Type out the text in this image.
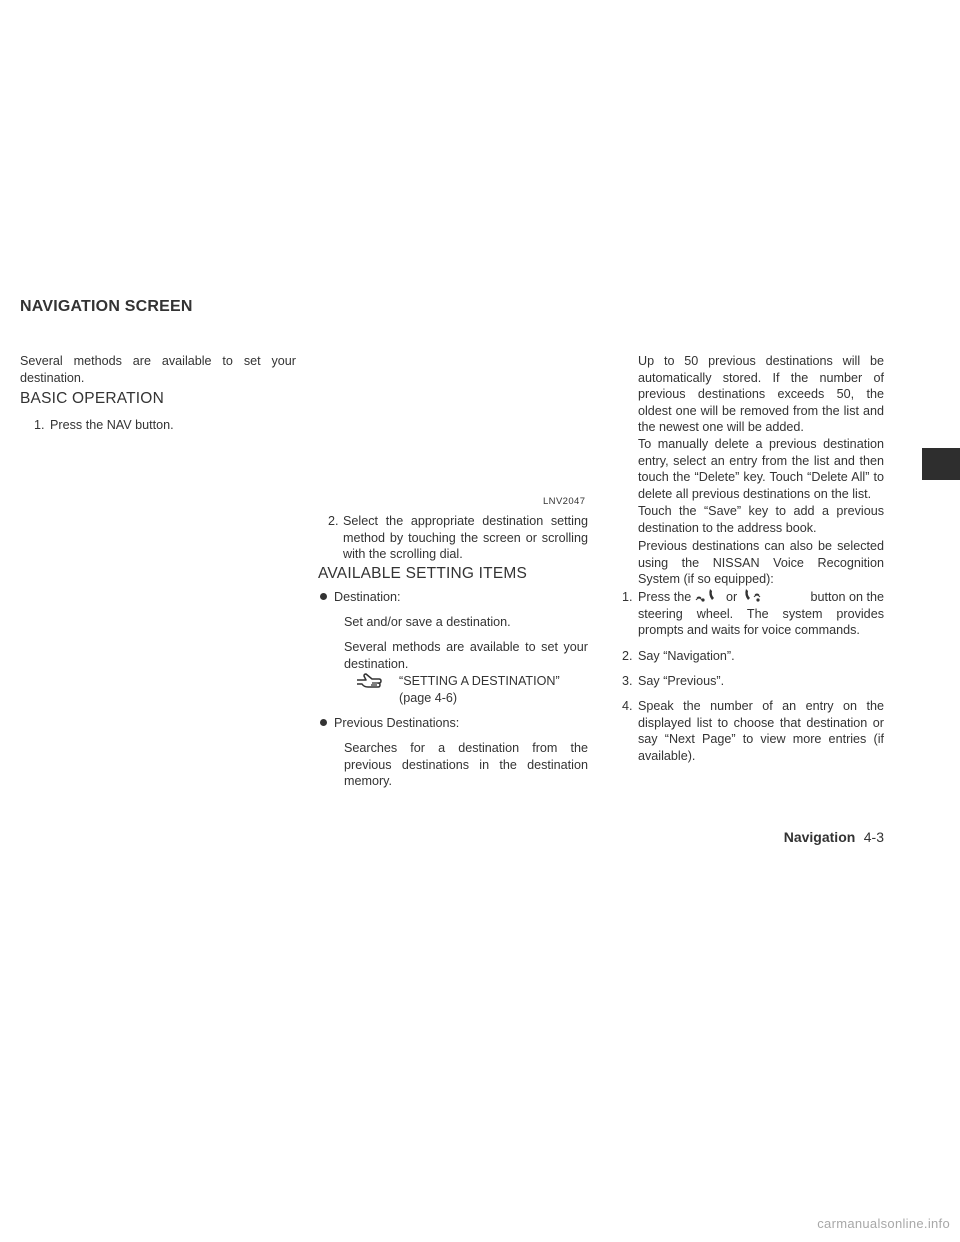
NAVIGATION SCREEN
Several methods are available to set your destination.
BASIC OPERATION
1. Press the NAV button.
LNV2047
2. Select the appropriate destination setting method by touching the screen or scrolling with the scrolling dial.
AVAILABLE SETTING ITEMS
Destination:
Set and/or save a destination.
Several methods are available to set your destination.
“SETTING A DESTINATION”
(page 4-6)
Previous Destinations:
Searches for a destination from the previous destinations in the destination memory.
Up to 50 previous destinations will be automatically stored. If the number of previous destinations exceeds 50, the oldest one will be removed from the list and the newest one will be added.
To manually delete a previous destination entry, select an entry from the list and then touch the “Delete” key. Touch “Delete All” to delete all previous destinations on the list.
Touch the “Save” key to add a previous destination to the address book.
Previous destinations can also be selected using the NISSAN Voice Recognition System (if so equipped):
1. Press the	or	button on the
steering wheel. The system provides prompts and waits for voice commands.
2. Say “Navigation”.
3. Say “Previous”.
4. Speak the number of an entry on the displayed list to choose that destination or say “Next Page” to view more entries (if available).
Navigation 4-3
carmanualsonline.info
